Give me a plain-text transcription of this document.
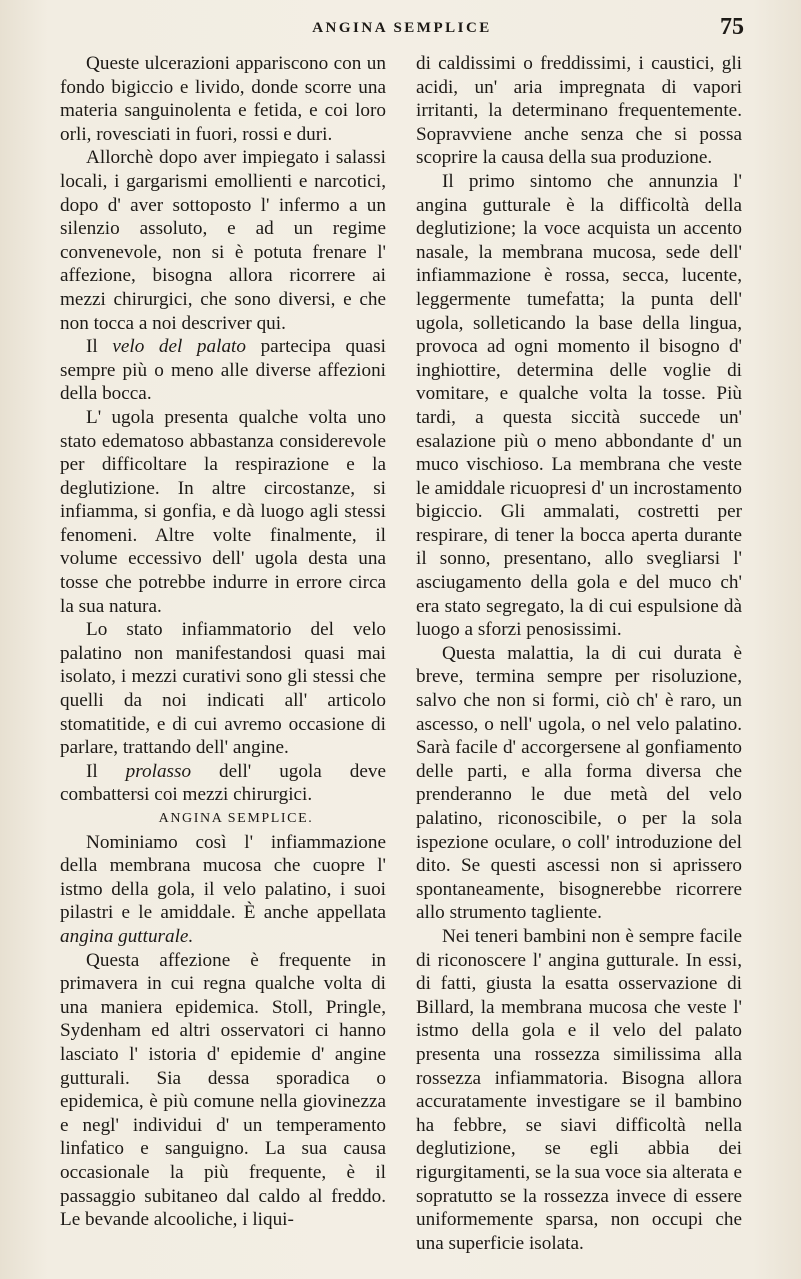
ANGINA SEMPLICE	75

Queste ulcerazioni appariscono con un fondo bigiccio e livido, donde scorre una materia sanguinolenta e fetida, e coi loro orli, rovesciati in fuori, rossi e duri.

Allorchè dopo aver impiegato i salassi locali, i gargarismi emollienti e narcotici, dopo d' aver sottoposto l' infermo a un silenzio assoluto, e ad un regime convenevole, non si è potuta frenare l' affezione, bisogna allora ricorrere ai mezzi chirurgici, che sono diversi, e che non tocca a noi descriver qui.

Il velo del palato partecipa quasi sempre più o meno alle diverse affezioni della bocca.

L' ugola presenta qualche volta uno stato edematoso abbastanza considerevole per difficoltare la respirazione e la deglutizione. In altre circostanze, si infiamma, si gonfia, e dà luogo agli stessi fenomeni. Altre volte finalmente, il volume eccessivo dell' ugola desta una tosse che potrebbe indurre in errore circa la sua natura.

Lo stato infiammatorio del velo palatino non manifestandosi quasi mai isolato, i mezzi curativi sono gli stessi che quelli da noi indicati all' articolo stomatitide, e di cui avremo occasione di parlare, trattando dell' angine.

Il prolasso dell' ugola deve combattersi coi mezzi chirurgici.

ANGINA SEMPLICE.

Nominiamo così l' infiammazione della membrana mucosa che cuopre l' istmo della gola, il velo palatino, i suoi pilastri e le amiddale. È anche appellata angina gutturale.

Questa affezione è frequente in primavera in cui regna qualche volta di una maniera epidemica. Stoll, Pringle, Sydenham ed altri osservatori ci hanno lasciato l' istoria d' epidemie d' angine gutturali. Sia dessa sporadica o epidemica, è più comune nella giovinezza e negl' individui d' un temperamento linfatico e sanguigno. La sua causa occasionale la più frequente, è il passaggio subitaneo dal caldo al freddo. Le bevande alcooliche, i liqui-

di caldissimi o freddissimi, i caustici, gli acidi, un' aria impregnata di vapori irritanti, la determinano frequentemente. Sopravviene anche senza che si possa scoprire la causa della sua produzione.

Il primo sintomo che annunzia l' angina gutturale è la difficoltà della deglutizione; la voce acquista un accento nasale, la membrana mucosa, sede dell' infiammazione è rossa, secca, lucente, leggermente tumefatta; la punta dell' ugola, solleticando la base della lingua, provoca ad ogni momento il bisogno d' inghiottire, determina delle voglie di vomitare, e qualche volta la tosse. Più tardi, a questa siccità succede un' esalazione più o meno abbondante d' un muco vischioso. La membrana che veste le amiddale ricuopresi d' un incrostamento bigiccio. Gli ammalati, costretti per respirare, di tener la bocca aperta durante il sonno, presentano, allo svegliarsi l' asciugamento della gola e del muco ch' era stato segregato, la di cui espulsione dà luogo a sforzi penosissimi.

Questa malattia, la di cui durata è breve, termina sempre per risoluzione, salvo che non si formi, ciò ch' è raro, un ascesso, o nell' ugola, o nel velo palatino. Sarà facile d' accorgersene al gonfiamento delle parti, e alla forma diversa che prenderanno le due metà del velo palatino, riconoscibile, o per la sola ispezione oculare, o coll' introduzione del dito. Se questi ascessi non si aprissero spontaneamente, bisognerebbe ricorrere allo strumento tagliente.

Nei teneri bambini non è sempre facile di riconoscere l' angina gutturale. In essi, di fatti, giusta la esatta osservazione di Billard, la membrana mucosa che veste l' istmo della gola e il velo del palato presenta una rossezza similissima alla rossezza infiammatoria. Bisogna allora accuratamente investigare se il bambino ha febbre, se siavi difficoltà nella deglutizione, se egli abbia dei rigurgitamenti, se la sua voce sia alterata e sopratutto se la rossezza invece di essere uniformemente sparsa, non occupi che una superficie isolata.
